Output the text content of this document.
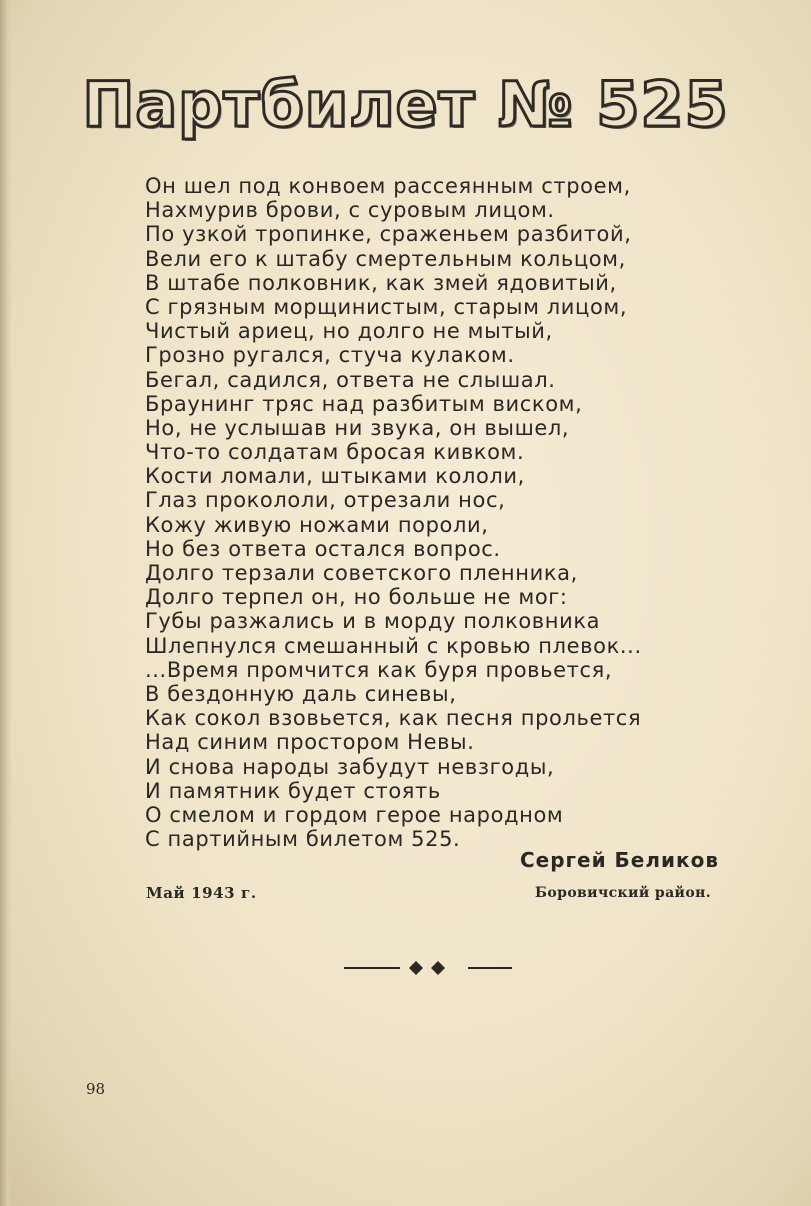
Партбилет № 525
Он шел под конвоем рассеянным строем,
Нахмурив брови, с суровым лицом.
По узкой тропинке, сраженьем разбитой,
Вели его к штабу смертельным кольцом,
В штабе полковник, как змей ядовитый,
С грязным морщинистым, старым лицом,
Чистый ариец, но долго не мытый,
Грозно ругался, стуча кулаком.
Бегал, садился, ответа не слышал.
Браунинг тряс над разбитым виском,
Но, не услышав ни звука, он вышел,
Что-то солдатам бросая кивком.
Кости ломали, штыками кололи,
Глаз прокололи, отрезали нос,
Кожу живую ножами пороли,
Но без ответа остался вопрос.
Долго терзали советского пленника,
Долго терпел он, но больше не мог:
Губы разжались и в морду полковника
Шлепнулся смешанный с кровью плевок...
...Время промчится как буря провьется,
В бездонную даль синевы,
Как сокол взовьется, как песня прольется
Над синим простором Невы.
И снова народы забудут невзгоды,
И памятник будет стоять
О смелом и гордом герое народном
С партийным билетом 525.
Сергей Беликов
Май 1943 г.	Боровичский район.
98
